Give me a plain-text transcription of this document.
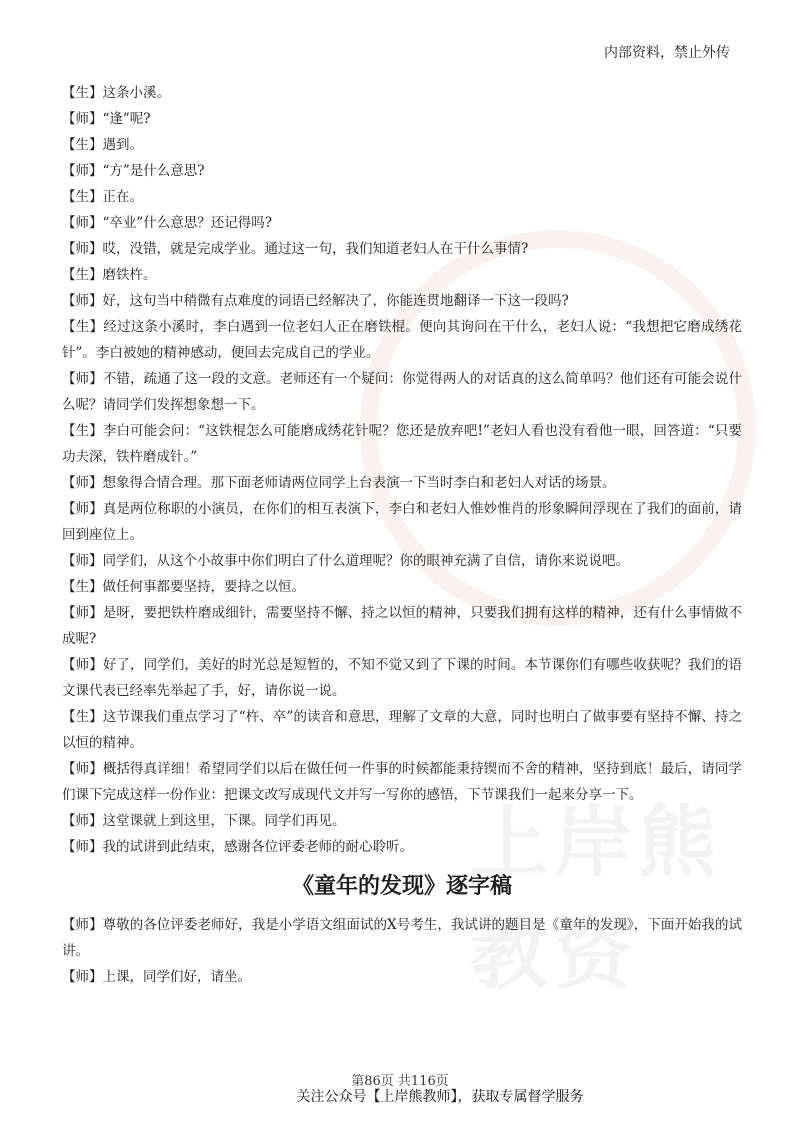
上岸熊教资
内部资料，禁止外传

【生】这条小溪。

【师】“逢”呢?

【生】遇到。

【师】“方”是什么意思?

【生】正在。

【师】“卒业”什么意思？还记得吗?

【师】哎，没错，就是完成学业。通过这一句，我们知道老妇人在干什么事情?

【生】磨铁杵。

【师】好，这句当中稍微有点难度的词语已经解决了，你能连贯地翻译一下这一段吗?

【生】经过这条小溪时，李白遇到一位老妇人正在磨铁棍。便向其询问在干什么，老妇人说：“我想把它磨成绣花针”。李白被她的精神感动，便回去完成自己的学业。

【师】不错，疏通了这一段的文意。老师还有一个疑问：你觉得两人的对话真的这么简单吗？他们还有可能会说什么呢？请同学们发挥想象想一下。

【生】李白可能会问：“这铁棍怎么可能磨成绣花针呢？您还是放弃吧!”老妇人看也没有看他一眼，回答道：“只要功夫深，铁杵磨成针。”

【师】想象得合情合理。那下面老师请两位同学上台表演一下当时李白和老妇人对话的场景。

【师】真是两位称职的小演员，在你们的相互表演下，李白和老妇人惟妙惟肖的形象瞬间浮现在了我们的面前，请回到座位上。

【师】同学们，从这个小故事中你们明白了什么道理呢？你的眼神充满了自信，请你来说说吧。

【生】做任何事都要坚持，要持之以恒。

【师】是呀，要把铁杵磨成细针，需要坚持不懈、持之以恒的精神，只要我们拥有这样的精神，还有什么事情做不成呢?

【师】好了，同学们，美好的时光总是短暂的，不知不觉又到了下课的时间。本节课你们有哪些收获呢？我们的语文课代表已经率先举起了手，好，请你说一说。

【生】这节课我们重点学习了“杵、卒”的读音和意思，理解了文章的大意，同时也明白了做事要有坚持不懈、持之以恒的精神。

【师】概括得真详细！希望同学们以后在做任何一件事的时候都能秉持锲而不舍的精神，坚持到底！最后，请同学们课下完成这样一份作业：把课文改写成现代文并写一写你的感悟，下节课我们一起来分享一下。

【师】这堂课就上到这里，下课。同学们再见。

【师】我的试讲到此结束，感谢各位评委老师的耐心聆听。

《童年的发现》逐字稿

【师】尊敬的各位评委老师好，我是小学语文组面试的X号考生，我试讲的题目是《童年的发现》，下面开始我的试讲。

【师】上课，同学们好，请坐。

第86页 共116页
关注公众号【上岸熊教师】，获取专属督学服务
